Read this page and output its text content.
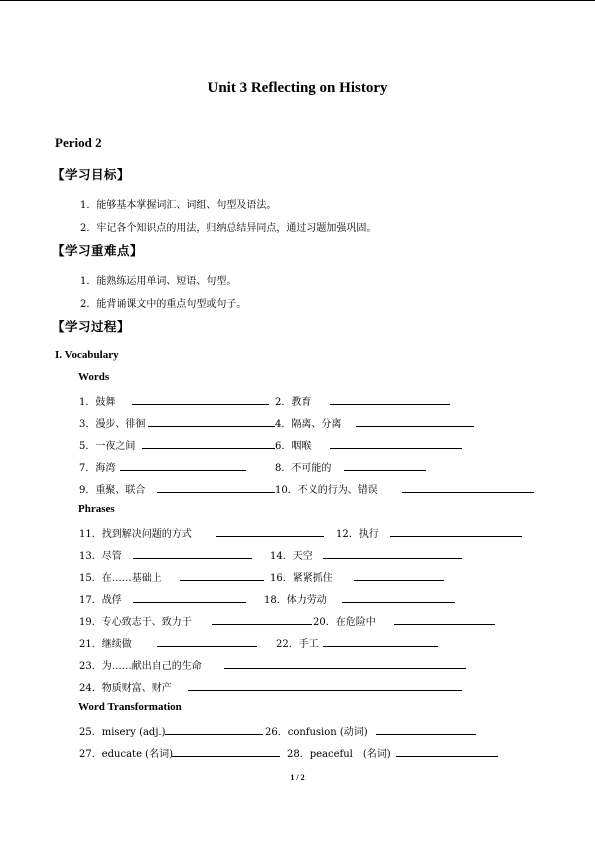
Unit 3 Reflecting on History
Period 2
【学习目标】
1．能够基本掌握词汇、词组、句型及语法。
2．牢记各个知识点的用法，归纳总结异同点，通过习题加强巩固。
【学习重难点】
1．能熟练运用单词、短语、句型。
2．能背诵课文中的重点句型或句子。
【学习过程】
I. Vocabulary
Words
1．鼓舞	2．教育
3．漫步、徘徊	4．隔离、分离
5．一夜之间	6．咽喉
7．海湾	8．不可能的
9．重聚、联合	10．不义的行为、错误
Phrases
11．找到解决问题的方式	12．执行
13．尽管	14．天空
15．在……基础上	16．紧紧抓住
17．战俘	18．体力劳动
19．专心致志于、致力于	20．在危险中
21．继续做	22．手工
23．为……献出自己的生命
24．物质财富、财产
Word Transformation
25．misery (adj.)	26．confusion (动词)
27．educate (名词)	28．peaceful　(名词)
1 / 2
